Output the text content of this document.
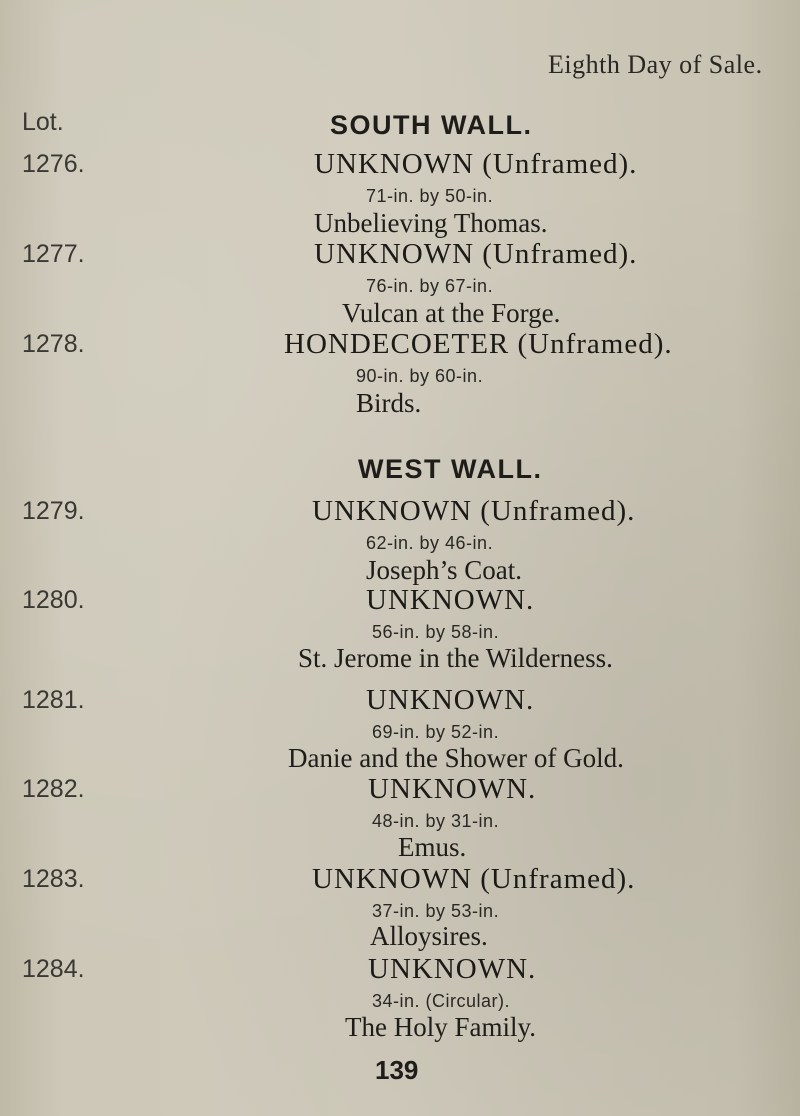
Eighth Day of Sale.
Lot.	SOUTH WALL.
1276.	UNKNOWN (Unframed).
71-in. by 50-in.
Unbelieving Thomas.
1277.	UNKNOWN (Unframed).
76-in. by 67-in.
Vulcan at the Forge.
1278.	HONDECOETER (Unframed).
90-in. by 60-in.
Birds.
WEST WALL.
1279.	UNKNOWN (Unframed).
62-in. by 46-in.
Joseph’s Coat.
1280.	UNKNOWN.
56-in. by 58-in.
St. Jerome in the Wilderness.
1281.	UNKNOWN.
69-in. by 52-in.
Danie and the Shower of Gold.
1282.	UNKNOWN.
48-in. by 31-in.
Emus.
1283.	UNKNOWN (Unframed).
37-in. by 53-in.
Alloysires.
1284.	UNKNOWN.
34-in. (Circular).
The Holy Family.
139
